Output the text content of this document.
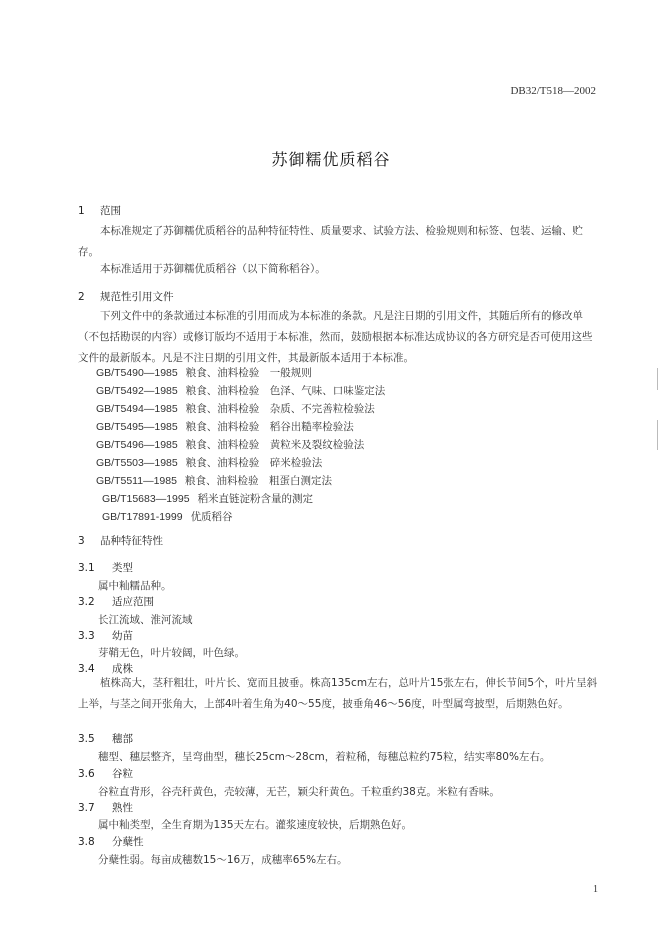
DB32/T518—2002
苏御糯优质稻谷
1 范围
本标准规定了苏御糯优质稻谷的品种特征特性、质量要求、试验方法、检验规则和标签、包装、运输、贮存。
本标准适用于苏御糯优质稻谷（以下简称稻谷）。
2 规范性引用文件
下列文件中的条款通过本标准的引用而成为本标准的条款。凡是注日期的引用文件，其随后所有的修改单（不包括勘误的内容）或修订版均不适用于本标准，然而，鼓励根据本标准达成协议的各方研究是否可使用这些文件的最新版本。凡是不注日期的引用文件，其最新版本适用于本标准。
GB/T5490—1985 粮食、油料检验　一般规则
GB/T5492—1985 粮食、油料检验　色泽、气味、口味鉴定法
GB/T5494—1985 粮食、油料检验　杂质、不完善粒检验法
GB/T5495—1985 粮食、油料检验　稻谷出糙率检验法
GB/T5496—1985 粮食、油料检验　黄粒米及裂纹检验法
GB/T5503—1985 粮食、油料检验　碎米检验法
GB/T5511—1985 粮食、油料检验　粗蛋白测定法
GB/T15683—1995 稻米直链淀粉含量的测定
GB/T17891-1999 优质稻谷
3 品种特征特性
3.1 类型
属中籼糯品种。
3.2 适应范围
长江流域、淮河流域
3.3 幼苗
芽鞘无色，叶片较阔，叶色绿。
3.4 成株
植株高大，茎秆粗壮，叶片长、宽而且披垂。株高135cm左右，总叶片15张左右，伸长节间5个，叶片呈斜上举，与茎之间开张角大，上部4叶着生角为40～55度，披垂角46～56度，叶型属弯披型，后期熟色好。
3.5 穗部
穗型、穗层整齐，呈弯曲型，穗长25cm～28cm，着粒稀，每穗总粒约75粒，结实率80%左右。
3.6 谷粒
谷粒直背形，谷壳秆黄色，壳较薄，无芒，颖尖秆黄色。千粒重约38克。米粒有香味。
3.7 熟性
属中籼类型，全生育期为135天左右。灌浆速度较快，后期熟色好。
3.8 分蘖性
分蘖性弱。每亩成穗数15～16万，成穗率65%左右。
1
